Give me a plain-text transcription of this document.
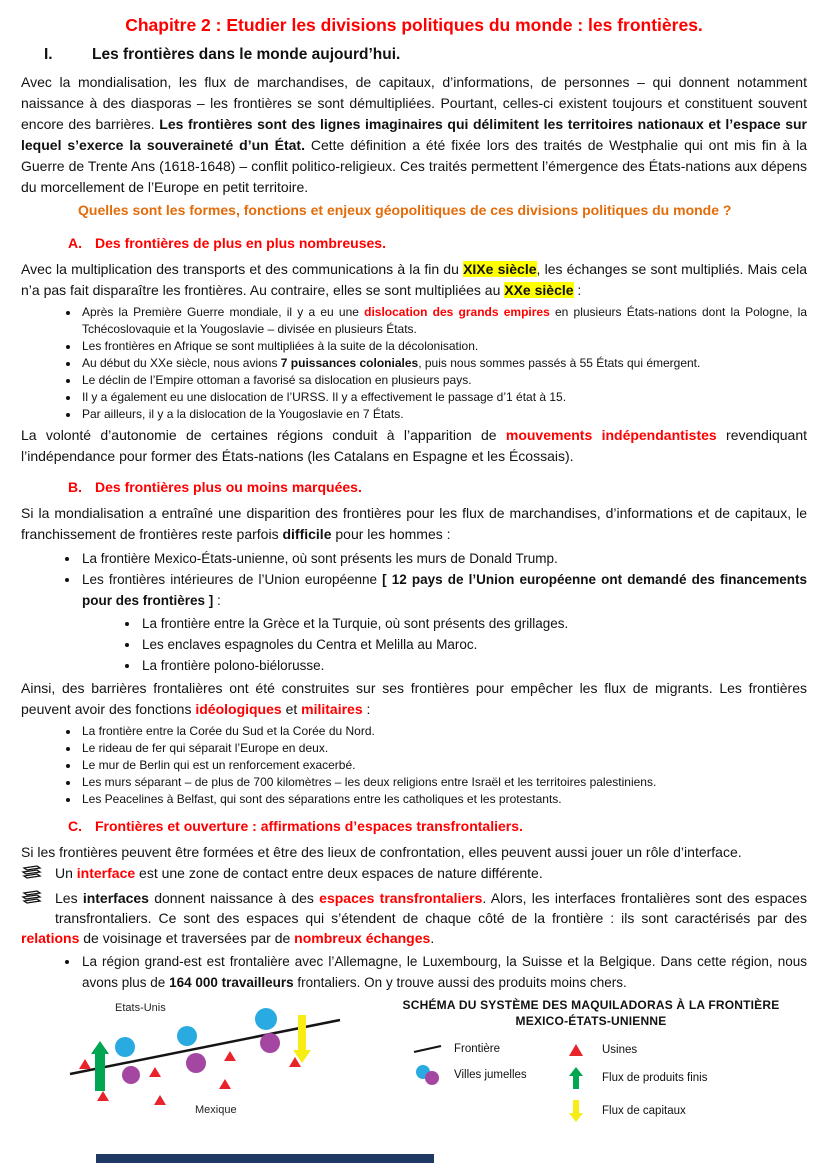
Chapitre 2 : Etudier les divisions politiques du monde : les frontières.
I.	Les frontières dans le monde aujourd’hui.

Avec la mondialisation, les flux de marchandises, de capitaux, d’informations, de personnes – qui donnent notamment naissance à des diasporas – les frontières se sont démultipliées. Pourtant, celles-ci existent toujours et constituent souvent encore des barrières. Les frontières sont des lignes imaginaires qui délimitent les territoires nationaux et l’espace sur lequel s’exerce la souveraineté d’un État. Cette définition a été fixée lors des traités de Westphalie qui ont mis fin à la Guerre de Trente Ans (1618-1648) – conflit politico-religieux. Ces traités permettent l’émergence des États-nations aux dépens du morcellement de l’Europe en petit territoire.

Quelles sont les formes, fonctions et enjeux géopolitiques de ces divisions politiques du monde ?

A. Des frontières de plus en plus nombreuses.

Avec la multiplication des transports et des communications à la fin du XIXe siècle, les échanges se sont multipliés. Mais cela n’a pas fait disparaître les frontières. Au contraire, elles se sont multipliées au XXe siècle :

• Après la Première Guerre mondiale, il y a eu une dislocation des grands empires en plusieurs États-nations dont la Pologne, la Tchécoslovaquie et la Yougoslavie – divisée en plusieurs États.
• Les frontières en Afrique se sont multipliées à la suite de la décolonisation.
• Au début du XXe siècle, nous avions 7 puissances coloniales, puis nous sommes passés à 55 États qui émergent.
• Le déclin de l’Empire ottoman a favorisé sa dislocation en plusieurs pays.
• Il y a également eu une dislocation de l’URSS. Il y a effectivement le passage d’1 état à 15.
• Par ailleurs, il y a la dislocation de la Yougoslavie en 7 États.

La volonté d’autonomie de certaines régions conduit à l’apparition de mouvements indépendantistes revendiquant l’indépendance pour former des États-nations (les Catalans en Espagne et les Écossais).

B. Des frontières plus ou moins marquées.

Si la mondialisation a entraîné une disparition des frontières pour les flux de marchandises, d’informations et de capitaux, le franchissement de frontières reste parfois difficile pour les hommes :

• La frontière Mexico-États-unienne, où sont présents les murs de Donald Trump.
• Les frontières intérieures de l’Union européenne [ 12 pays de l’Union européenne ont demandé des financements pour des frontières ] :
• La frontière entre la Grèce et la Turquie, où sont présents des grillages.
• Les enclaves espagnoles du Centra et Melilla au Maroc.
• La frontière polono-biélorusse.

Ainsi, des barrières frontalières ont été construites sur ses frontières pour empêcher les flux de migrants. Les frontières peuvent avoir des fonctions idéologiques et militaires :

• La frontière entre la Corée du Sud et la Corée du Nord.
• Le rideau de fer qui séparait l’Europe en deux.
• Le mur de Berlin qui est un renforcement exacerbé.
• Les murs séparant – de plus de 700 kilomètres – les deux religions entre Israël et les territoires palestiniens.
• Les Peacelines à Belfast, qui sont des séparations entre les catholiques et les protestants.
C. Frontières et ouverture : affirmations d’espaces transfrontaliers.

Si les frontières peuvent être formées et être des lieux de confrontation, elles peuvent aussi jouer un rôle d’interface.

Un interface est une zone de contact entre deux espaces de nature différente.

Les interfaces donnent naissance à des espaces transfrontaliers. Alors, les interfaces frontalières sont des espaces transfrontaliers. Ce sont des espaces qui s’étendent de chaque côté de la frontière : ils sont caractérisés par des relations de voisinage et traversées par de nombreux échanges.

• La région grand-est est frontalière avec l’Allemagne, le Luxembourg, la Suisse et la Belgique. Dans cette région, nous avons plus de 164 000 travailleurs frontaliers. On y trouve aussi des produits moins chers.
Etats-Unis
Mexique
SCHÉMA DU SYSTÈME DES MAQUILADORAS À LA FRONTIÈRE
MEXICO-ÉTATS-UNIENNE
Frontière
Villes jumelles
Usines
Flux de produits finis
Flux de capitaux
